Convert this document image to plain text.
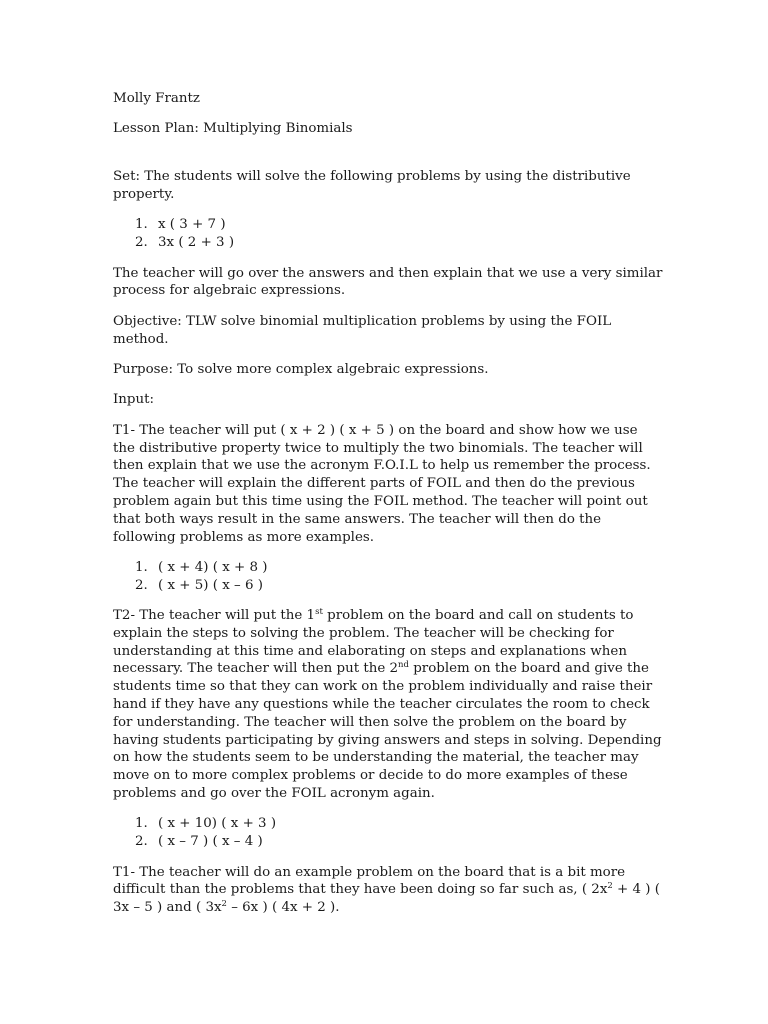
Molly Frantz

Lesson Plan: Multiplying Binomials

Set: The students will solve the following problems by using the distributive property.

1. x ( 3 + 7 )
2. 3x ( 2 + 3 )

The teacher will go over the answers and then explain that we use a very similar process for algebraic expressions.

Objective: TLW solve binomial multiplication problems by using the FOIL method.

Purpose: To solve more complex algebraic expressions.

Input:

T1- The teacher will put ( x + 2 ) ( x + 5 ) on the board and show how we use the distributive property twice to multiply the two binomials. The teacher will then explain that we use the acronym F.O.I.L to help us remember the process. The teacher will explain the different parts of FOIL and then do the previous problem again but this time using the FOIL method. The teacher will point out that both ways result in the same answers. The teacher will then do the following problems as more examples.

1. ( x + 4) ( x + 8 )
2. ( x + 5) ( x – 6 )

T2- The teacher will put the 1st problem on the board and call on students to explain the steps to solving the problem. The teacher will be checking for understanding at this time and elaborating on steps and explanations when necessary. The teacher will then put the 2nd problem on the board and give the students time so that they can work on the problem individually and raise their hand if they have any questions while the teacher circulates the room to check for understanding. The teacher will then solve the problem on the board by having students participating by giving answers and steps in solving. Depending on how the students seem to be understanding the material, the teacher may move on to more complex problems or decide to do more examples of these problems and go over the FOIL acronym again.

1. ( x + 10) ( x + 3 )
2. ( x – 7 ) ( x – 4 )

T1- The teacher will do an example problem on the board that is a bit more difficult than the problems that they have been doing so far such as, ( $2x^2 + 4$ ) ( 3x – 5 ) and ( $3x^2 - 6x$ ) ( 4x + 2 ).
